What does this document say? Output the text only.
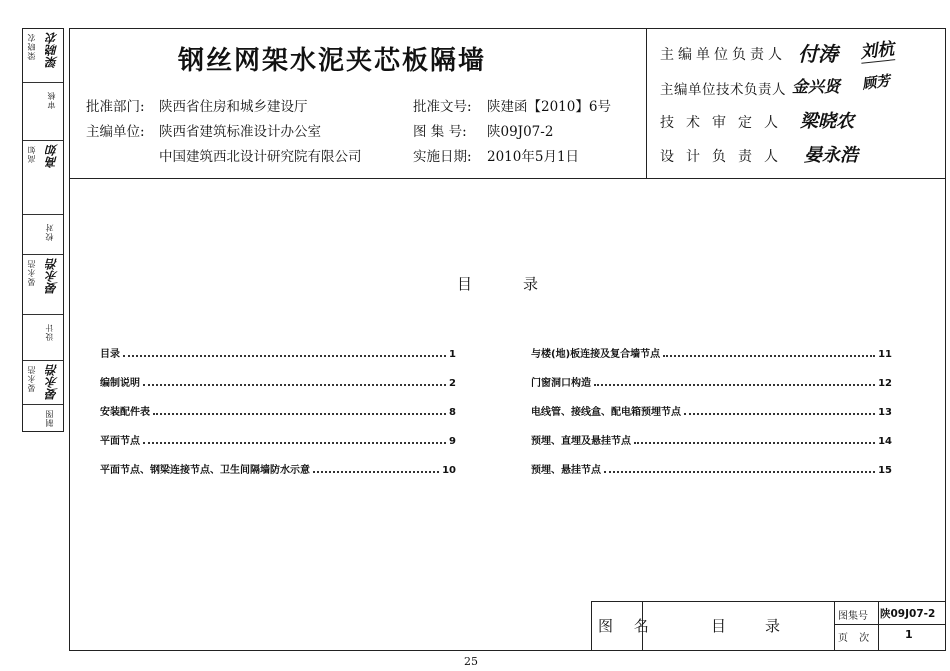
梁晓农 梁晓农
审核
高如 高如
校对
晏永浩 晏永浩
设计
晏永浩 晏永浩
制图
钢丝网架水泥夹芯板隔墙
批准部门: 陕西省住房和城乡建设厅
主编单位: 陕西省建筑标准设计办公室
中国建筑西北设计研究院有限公司
批准文号: 陕建函【2010】6号
图 集 号: 陕09J07-2
实施日期: 2010年5月1日
主编单位负责人 付涛 刘杭
主编单位技术负责人 金兴贤 顾芳
技术审定人 梁晓农
设计负责人 晏永浩
目　录
目录	1
编制说明	2
安装配件表	8
平面节点	9
平面节点、钢梁连接节点、卫生间隔墙防水示意	10
与楼(地)板连接及复合墙节点	11
门窗洞口构造	12
电线管、接线盒、配电箱预埋节点	13
预埋、直埋及悬挂节点	14
预埋、悬挂节点	15
图 名	目　录
图集号 陕09J07-2
页 次	1
25
